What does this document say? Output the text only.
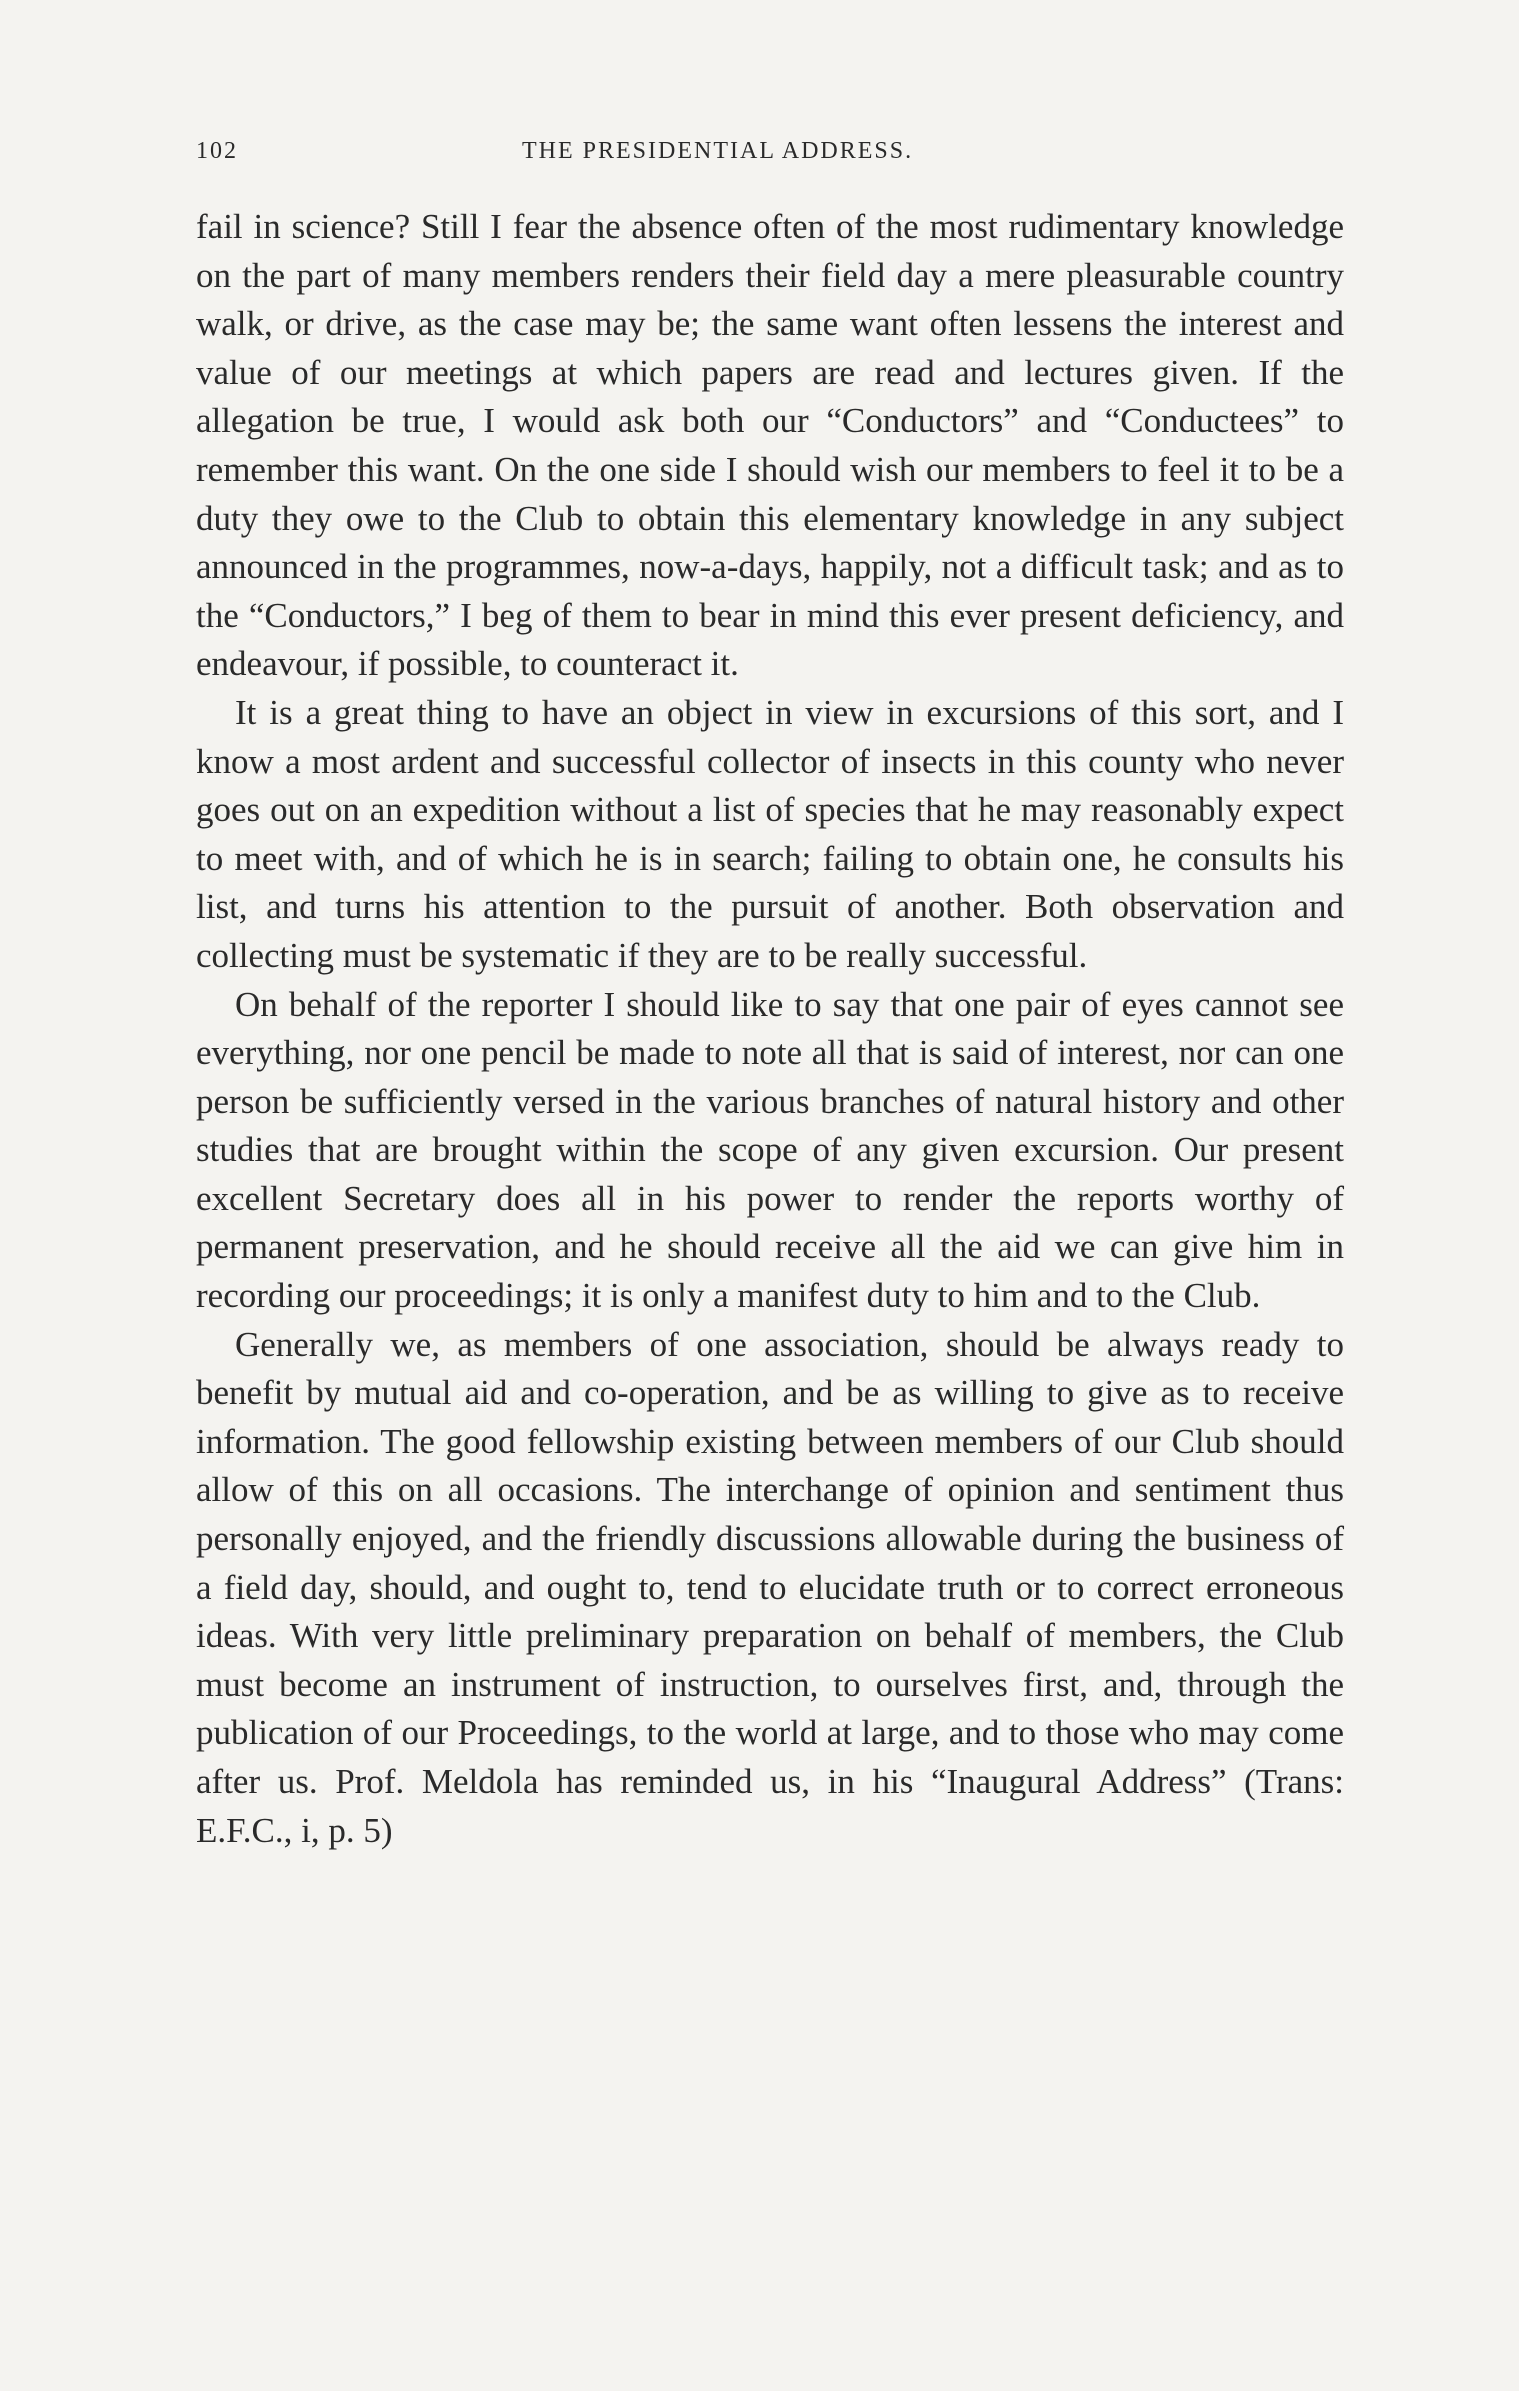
102	THE PRESIDENTIAL ADDRESS.

fail in science? Still I fear the absence often of the most rudimentary knowledge on the part of many members renders their field day a mere pleasurable country walk, or drive, as the case may be; the same want often lessens the interest and value of our meetings at which papers are read and lectures given. If the allegation be true, I would ask both our “Conductors” and “Conductees” to remember this want. On the one side I should wish our members to feel it to be a duty they owe to the Club to obtain this elementary knowledge in any subject announced in the programmes, now-a-days, happily, not a difficult task; and as to the “Conductors,” I beg of them to bear in mind this ever present deficiency, and endeavour, if possible, to counteract it.

It is a great thing to have an object in view in excursions of this sort, and I know a most ardent and successful collector of insects in this county who never goes out on an expedition without a list of species that he may reasonably expect to meet with, and of which he is in search; failing to obtain one, he consults his list, and turns his attention to the pursuit of another. Both observation and collecting must be systematic if they are to be really successful.

On behalf of the reporter I should like to say that one pair of eyes cannot see everything, nor one pencil be made to note all that is said of interest, nor can one person be sufficiently versed in the various branches of natural history and other studies that are brought within the scope of any given excursion. Our present excellent Secretary does all in his power to render the reports worthy of permanent preservation, and he should receive all the aid we can give him in recording our proceedings; it is only a manifest duty to him and to the Club.

Generally we, as members of one association, should be always ready to benefit by mutual aid and co-operation, and be as willing to give as to receive information. The good fellowship existing between members of our Club should allow of this on all occasions. The interchange of opinion and sentiment thus personally enjoyed, and the friendly discussions allowable during the business of a field day, should, and ought to, tend to elucidate truth or to correct erroneous ideas. With very little preliminary preparation on behalf of members, the Club must become an instrument of instruction, to ourselves first, and, through the publication of our Proceedings, to the world at large, and to those who may come after us. Prof. Meldola has reminded us, in his “Inaugural Address” (Trans: E.F.C., i, p. 5)
